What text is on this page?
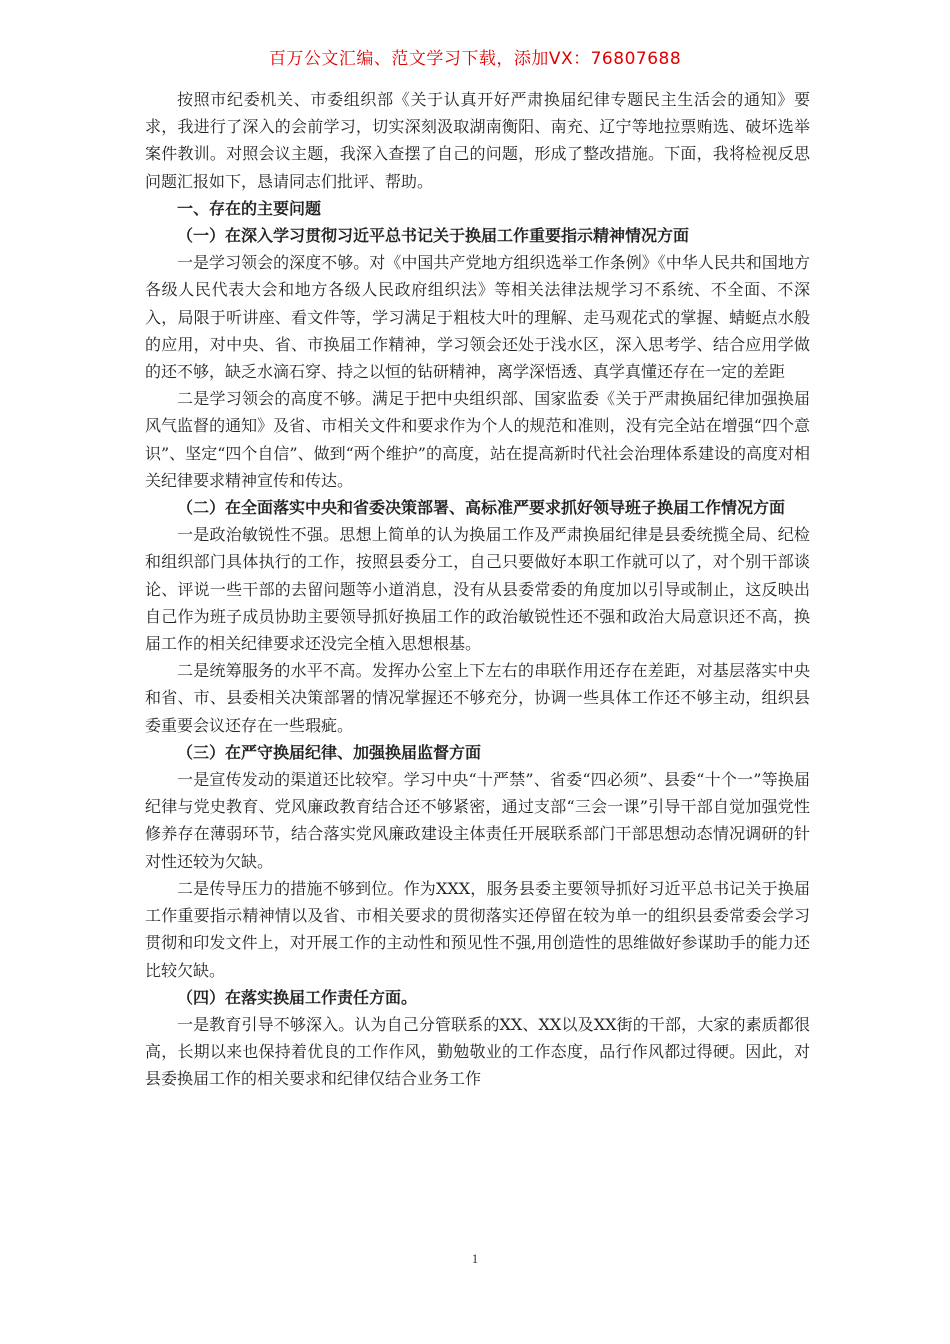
百万公文汇编、范文学习下载，添加VX：76807688

按照市纪委机关、市委组织部《关于认真开好严肃换届纪律专题民主生活会的通知》要求，我进行了深入的会前学习，切实深刻汲取湖南衡阳、南充、辽宁等地拉票贿选、破坏选举案件教训。对照会议主题，我深入查摆了自己的问题，形成了整改措施。下面，我将检视反思问题汇报如下，恳请同志们批评、帮助。

一、存在的主要问题
（一）在深入学习贯彻习近平总书记关于换届工作重要指示精神情况方面

一是学习领会的深度不够。对《中国共产党地方组织选举工作条例》《中华人民共和国地方各级人民代表大会和地方各级人民政府组织法》等相关法律法规学习不系统、不全面、不深入，局限于听讲座、看文件等，学习满足于粗枝大叶的理解、走马观花式的掌握、蜻蜓点水般的应用，对中央、省、市换届工作精神，学习领会还处于浅水区，深入思考学、结合应用学做的还不够，缺乏水滴石穿、持之以恒的钻研精神，离学深悟透、真学真懂还存在一定的差距

二是学习领会的高度不够。满足于把中央组织部、国家监委《关于严肃换届纪律加强换届风气监督的通知》及省、市相关文件和要求作为个人的规范和准则，没有完全站在增强“四个意识”、坚定“四个自信”、做到“两个维护”的高度，站在提高新时代社会治理体系建设的高度对相关纪律要求精神宣传和传达。

（二）在全面落实中央和省委决策部署、高标准严要求抓好领导班子换届工作情况方面

一是政治敏锐性不强。思想上简单的认为换届工作及严肃换届纪律是县委统揽全局、纪检和组织部门具体执行的工作，按照县委分工，自己只要做好本职工作就可以了，对个别干部谈论、评说一些干部的去留问题等小道消息，没有从县委常委的角度加以引导或制止，这反映出自己作为班子成员协助主要领导抓好换届工作的政治敏锐性还不强和政治大局意识还不高，换届工作的相关纪律要求还没完全植入思想根基。

二是统筹服务的水平不高。发挥办公室上下左右的串联作用还存在差距，对基层落实中央和省、市、县委相关决策部署的情况掌握还不够充分，协调一些具体工作还不够主动，组织县委重要会议还存在一些瑕疵。

（三）在严守换届纪律、加强换届监督方面

一是宣传发动的渠道还比较窄。学习中央“十严禁”、省委“四必须”、县委“十个一”等换届纪律与党史教育、党风廉政教育结合还不够紧密，通过支部“三会一课”引导干部自觉加强党性修养存在薄弱环节，结合落实党风廉政建设主体责任开展联系部门干部思想动态情况调研的针对性还较为欠缺。

二是传导压力的措施不够到位。作为XXX，服务县委主要领导抓好习近平总书记关于换届工作重要指示精神情以及省、市相关要求的贯彻落实还停留在较为单一的组织县委常委会学习贯彻和印发文件上，对开展工作的主动性和预见性不强,用创造性的思维做好参谋助手的能力还比较欠缺。

（四）在落实换届工作责任方面。

一是教育引导不够深入。认为自己分管联系的XX、XX以及XX街的干部，大家的素质都很高，长期以来也保持着优良的工作作风，勤勉敬业的工作态度，品行作风都过得硬。因此，对县委换届工作的相关要求和纪律仅结合业务工作

1
